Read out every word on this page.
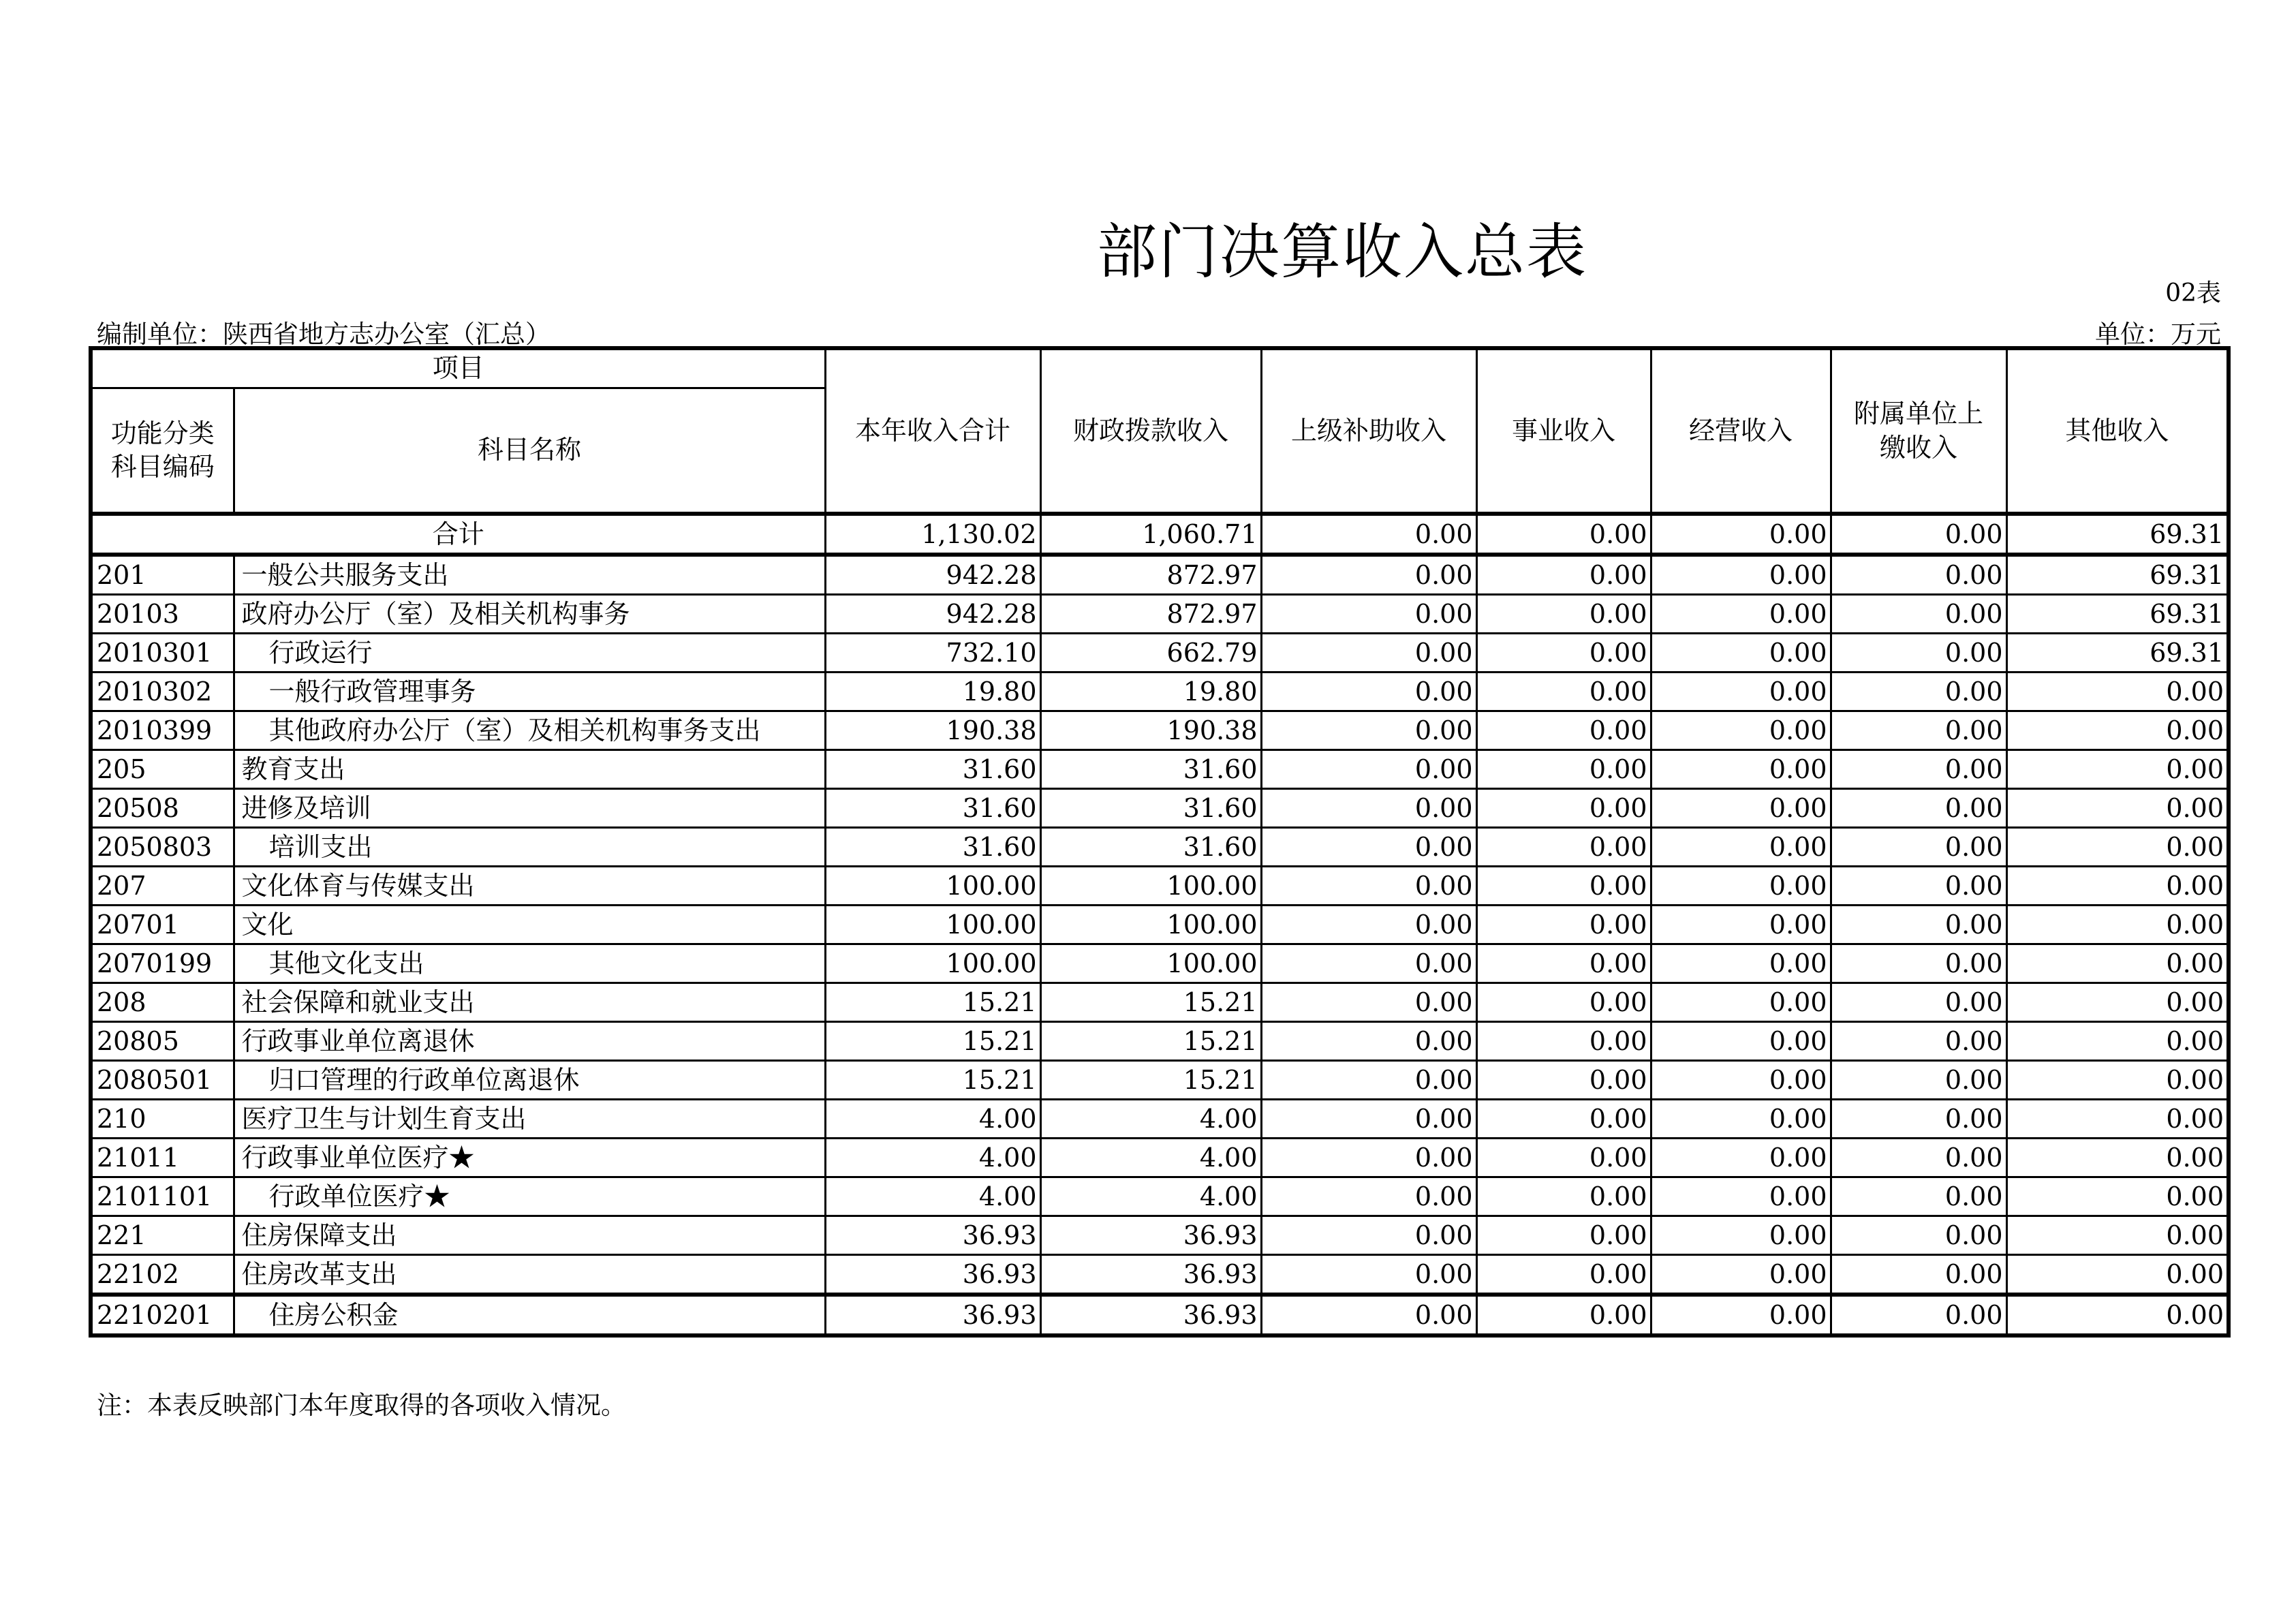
部门决算收入总表
02表
编制单位：陕西省地方志办公室（汇总）	单位：万元
项目		本年收入合计	财政拨款收入	上级补助收入	事业收入	经营收入	附属单位上缴收入	其他收入
功能分类科目编码	科目名称							
合计		1,130.02	1,060.71	0.00	0.00	0.00	0.00	69.31
201	一般公共服务支出	942.28	872.97	0.00	0.00	0.00	0.00	69.31
20103	政府办公厅（室）及相关机构事务	942.28	872.97	0.00	0.00	0.00	0.00	69.31
2010301	行政运行	732.10	662.79	0.00	0.00	0.00	0.00	69.31
2010302	一般行政管理事务	19.80	19.80	0.00	0.00	0.00	0.00	0.00
2010399	其他政府办公厅（室）及相关机构事务支出	190.38	190.38	0.00	0.00	0.00	0.00	0.00
205	教育支出	31.60	31.60	0.00	0.00	0.00	0.00	0.00
20508	进修及培训	31.60	31.60	0.00	0.00	0.00	0.00	0.00
2050803	培训支出	31.60	31.60	0.00	0.00	0.00	0.00	0.00
207	文化体育与传媒支出	100.00	100.00	0.00	0.00	0.00	0.00	0.00
20701	文化	100.00	100.00	0.00	0.00	0.00	0.00	0.00
2070199	其他文化支出	100.00	100.00	0.00	0.00	0.00	0.00	0.00
208	社会保障和就业支出	15.21	15.21	0.00	0.00	0.00	0.00	0.00
20805	行政事业单位离退休	15.21	15.21	0.00	0.00	0.00	0.00	0.00
2080501	归口管理的行政单位离退休	15.21	15.21	0.00	0.00	0.00	0.00	0.00
210	医疗卫生与计划生育支出	4.00	4.00	0.00	0.00	0.00	0.00	0.00
21011	行政事业单位医疗★	4.00	4.00	0.00	0.00	0.00	0.00	0.00
2101101	行政单位医疗★	4.00	4.00	0.00	0.00	0.00	0.00	0.00
221	住房保障支出	36.93	36.93	0.00	0.00	0.00	0.00	0.00
22102	住房改革支出	36.93	36.93	0.00	0.00	0.00	0.00	0.00
2210201	住房公积金	36.93	36.93	0.00	0.00	0.00	0.00	0.00
注：本表反映部门本年度取得的各项收入情况。
